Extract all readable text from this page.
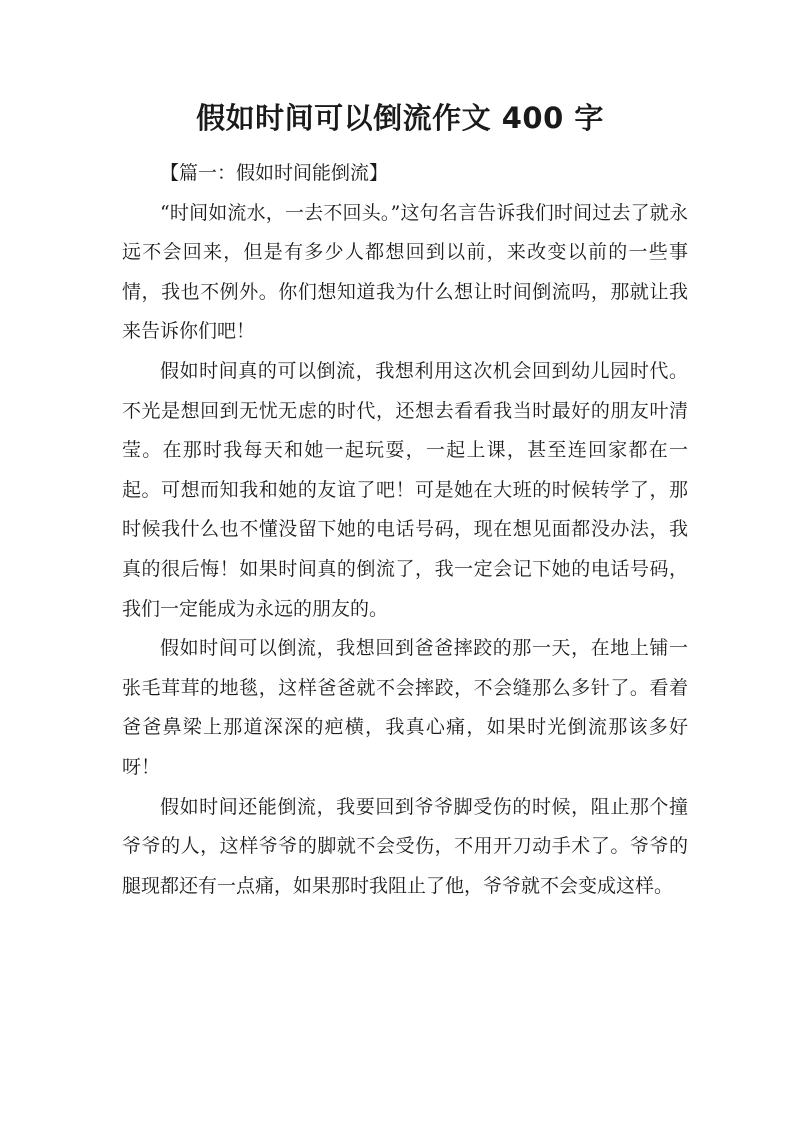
假如时间可以倒流作文 400 字

【篇一：假如时间能倒流】

“时间如流水，一去不回头。”这句名言告诉我们时间过去了就永远不会回来，但是有多少人都想回到以前，来改变以前的一些事情，我也不例外。你们想知道我为什么想让时间倒流吗，那就让我来告诉你们吧！

假如时间真的可以倒流，我想利用这次机会回到幼儿园时代。不光是想回到无忧无虑的时代，还想去看看我当时最好的朋友叶清莹。在那时我每天和她一起玩耍，一起上课，甚至连回家都在一起。可想而知我和她的友谊了吧！可是她在大班的时候转学了，那时候我什么也不懂没留下她的电话号码，现在想见面都没办法，我真的很后悔！如果时间真的倒流了，我一定会记下她的电话号码，我们一定能成为永远的朋友的。

假如时间可以倒流，我想回到爸爸摔跤的那一天，在地上铺一张毛茸茸的地毯，这样爸爸就不会摔跤，不会缝那么多针了。看着爸爸鼻梁上那道深深的疤横，我真心痛，如果时光倒流那该多好呀！

假如时间还能倒流，我要回到爷爷脚受伤的时候，阻止那个撞爷爷的人，这样爷爷的脚就不会受伤，不用开刀动手术了。爷爷的腿现都还有一点痛，如果那时我阻止了他，爷爷就不会变成这样。
